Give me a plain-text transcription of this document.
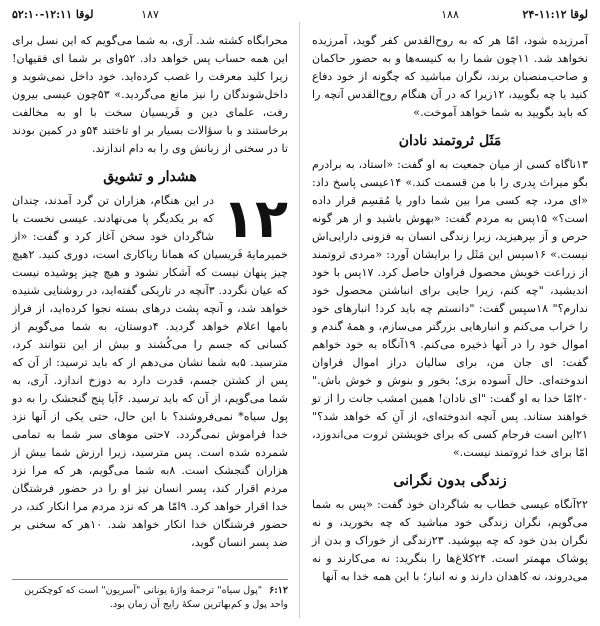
لوقا ۱۱:۱۲-۲۴
۱۸۸

آمرزیده شود، امّا هر که به روح‌القدس کفر گوید، آمرزیده نخواهد شد. ۱۱چون شما را به کنیسه‌ها و به حضور حاکمان و صاحب‌منصبان برند، نگران مباشید که چگونه از خود دفاع کنید یا چه بگویید، ۱۲زیرا که در آن هنگام روح‌القدس آنچه را که باید بگویید به شما خواهد آموخت.»

مَثَل ثروتمند نادان

۱۳ناگاه کسی از میان جمعیت به او گفت: «استاد، به برادرم بگو میراث پدری را با من قسمت کند.» ۱۴عیسی پاسخ داد: «ای مرد، چه کسی مرا بین شما داور یا مُقسِم قرار داده است؟» ۱۵پس به مردم گفت: «بهوش باشید و از هر گونه حرص و آز بپرهیزید، زیرا زندگی انسان به فزونی دارایی‌اش نیست.» ۱۶سپس این مَثَل را برایشان آورد: «مردی ثروتمند از زراعت خویش محصول فراوان حاصل کرد. ۱۷پس با خود اندیشید، "چه کنم، زیرا جایی برای انباشتن محصول خود ندارم؟" ۱۸سپس گفت: "دانستم چه باید کرد! انبارهای خود را خراب می‌کنم و انبارهایی بزرگتر می‌سازم، و همهٔ گندم و اموال خود را در آنها ذخیره می‌کنم. ۱۹آنگاه به خود خواهم گفت: ای جان من، برای سالیان دراز اموال فراوان اندوخته‌ای. حال آسوده بزی؛ بخور و بنوش و خوش باش." ۲۰امّا خدا به او گفت: "ای نادان! همین امشب جانت را از تو خواهند ستاند. پس آنچه اندوخته‌ای، از آنِ که خواهد شد؟" ۲۱این است فرجام کسی که برای خویشتن ثروت می‌اندوزد، امّا برای خدا ثروتمند نیست.»

زندگی بدون نگرانی

۲۲آنگاه عیسی خطاب به شاگردان خود گفت: «پس به شما می‌گویم، نگران زندگی خود مباشید که چه بخورید، و نه نگران بدن خود که چه بپوشید. ۲۳زندگی از خوراک و بدن از پوشاک مهمتر است. ۲۴کلاغ‌ها را بنگرید: نه می‌کارند و نه می‌دروند، نه کاهدان دارند و نه انبار؛ با این همه خدا به آنها

۱۸۷
لوقا ۱۲:۱۱-۵۲:۱۰

محرابگاه کشته شد. آری، به شما می‌گویم که این نسل برای این همه حساب پس خواهد داد. ۵۲وای بر شما ای فقیهان! زیرا کلید معرفت را غصب کرده‌اید. خود داخل نمی‌شوید و داخل‌شوندگان را نیز مانع می‌گردید.» ۵۳چون عیسی بیرون رفت، علمای دین و فَریسیان سخت با او به مخالفت برخاستند و با سؤالات بسیار بر او تاختند ۵۴و در کمین بودند تا در سخنی از زبانش وی را به دام اندازند.

هشدار و تشویق
۱۲

در این هنگام، هزاران تن گرد آمدند، چندان که بر یکدیگر پا می‌نهادند. عیسی نخست با شاگردان خود سخن آغاز کرد و گفت: «از خمیرمایهٔ فَریسیان که همانا ریاکاری است، دوری کنید. ۲هیچ چیز پنهان نیست که آشکار نشود و هیچ چیز پوشیده نیست که عیان نگردد. ۳آنچه در تاریکی گفته‌اید، در روشنایی شنیده خواهد شد، و آنچه پشت درهای بسته نجوا کرده‌اید، از فراز بامها اعلام خواهد گردید. ۴دوستان، به شما می‌گویم از کسانی که جسم را می‌کُشند و بیش از این نتوانند کرد، مترسید. ۵به شما نشان می‌دهم از که باید ترسید: از آن که پس از کشتن جسم، قدرت دارد به دوزخ اندازد. آری، به شما می‌گویم، از آن که باید ترسید. ۶آیا پنج گنجشک را به دو پول سیاه* نمی‌فروشند؟ با این حال، حتی یکی از آنها نزد خدا فراموش نمی‌گردد. ۷حتی موهای سر شما به تمامی شمرده شده است. پس مترسید، زیرا ارزش شما بیش از هزاران گنجشک است. ۸به شما می‌گویم، هر که مرا نزد مردم اقرار کند، پسر انسان نیز او را در حضور فرشتگان خدا اقرار خواهد کرد. ۹امّا هر که نزد مردم مرا انکار کند، در حضور فرشتگان خدا انکار خواهد شد. ۱۰هر که سخنی بر ضد پسر انسان گوید،

۶:۱۲ "پول سیاه" ترجمهٔ واژهٔ یونانی "آسریون" است که کوچکترین واحد پول و کم‌بهاترین سکهٔ رایج آن زمان بود.
